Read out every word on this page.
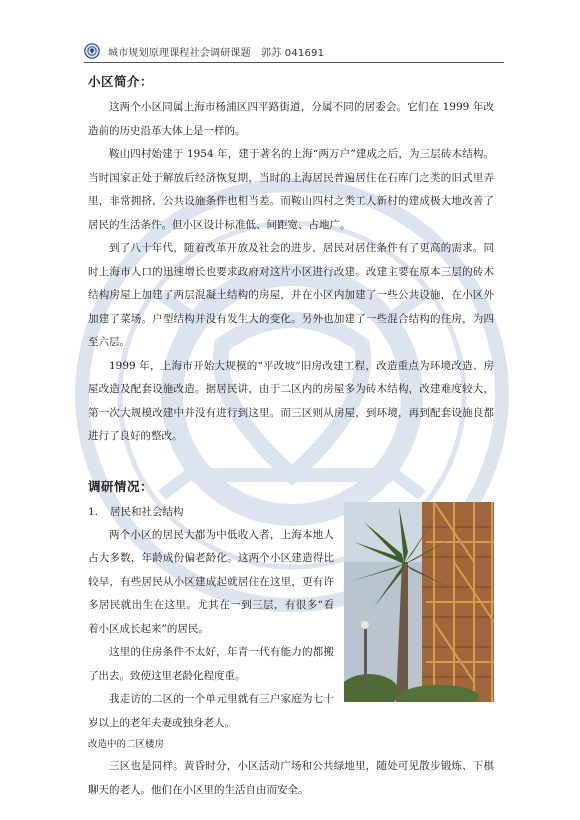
城市规划原理课程社会调研课题　郭苏 041691
小区简介：

这两个小区同属上海市杨浦区四平路街道，分属不同的居委会。它们在 1999 年改造前的历史沿革大体上是一样的。

鞍山四村始建于 1954 年，建于著名的上海“两万户”建成之后，为三层砖木结构。当时国家正处于解放后经济恢复期，当时的上海居民普遍居住在石库门之类的旧式里弄里，非常拥挤，公共设施条件也相当差。而鞍山四村之类工人新村的建成极大地改善了居民的生活条件。但小区设计标准低、间距宽、占地广。

到了八十年代，随着改革开放及社会的进步，居民对居住条件有了更高的需求。同时上海市人口的迅速增长也要求政府对这片小区进行改建。改建主要在原本三层的砖木结构房屋上加建了两层混凝土结构的房屋，并在小区内加建了一些公共设施，在小区外加建了菜场。户型结构并没有发生大的变化。另外也加建了一些混合结构的住房，为四至六层。

1999 年，上海市开始大规模的“平改坡”旧房改建工程，改造重点为环境改造、房屋改造及配套设施改造。据居民讲，由于二区内的房屋多为砖木结构，改建难度较大，第一次大规模改建中并没有进行到这里。而三区则从房屋，到环境，再到配套设施良都进行了良好的整改。

调研情况：
1. 居民和社会结构

两个小区的居民大都为中低收入者，上海本地人占大多数，年龄成份偏老龄化。这两个小区建造得比较早，有些居民从小区建成起就居住在这里，更有许多居民就出生在这里。尤其在一到三层，有很多“看着小区成长起来”的居民。

这里的住房条件不太好，年青一代有能力的都搬了出去。致使这里老龄化程度重。

我走访的二区的一个单元里就有三户家庭为七十岁以上的老年夫妻或独身老人。

改造中的二区楼房

三区也是同样。黄昏时分，小区活动广场和公共绿地里，随处可见散步锻炼、下棋聊天的老人。他们在小区里的生活自由而安全。
